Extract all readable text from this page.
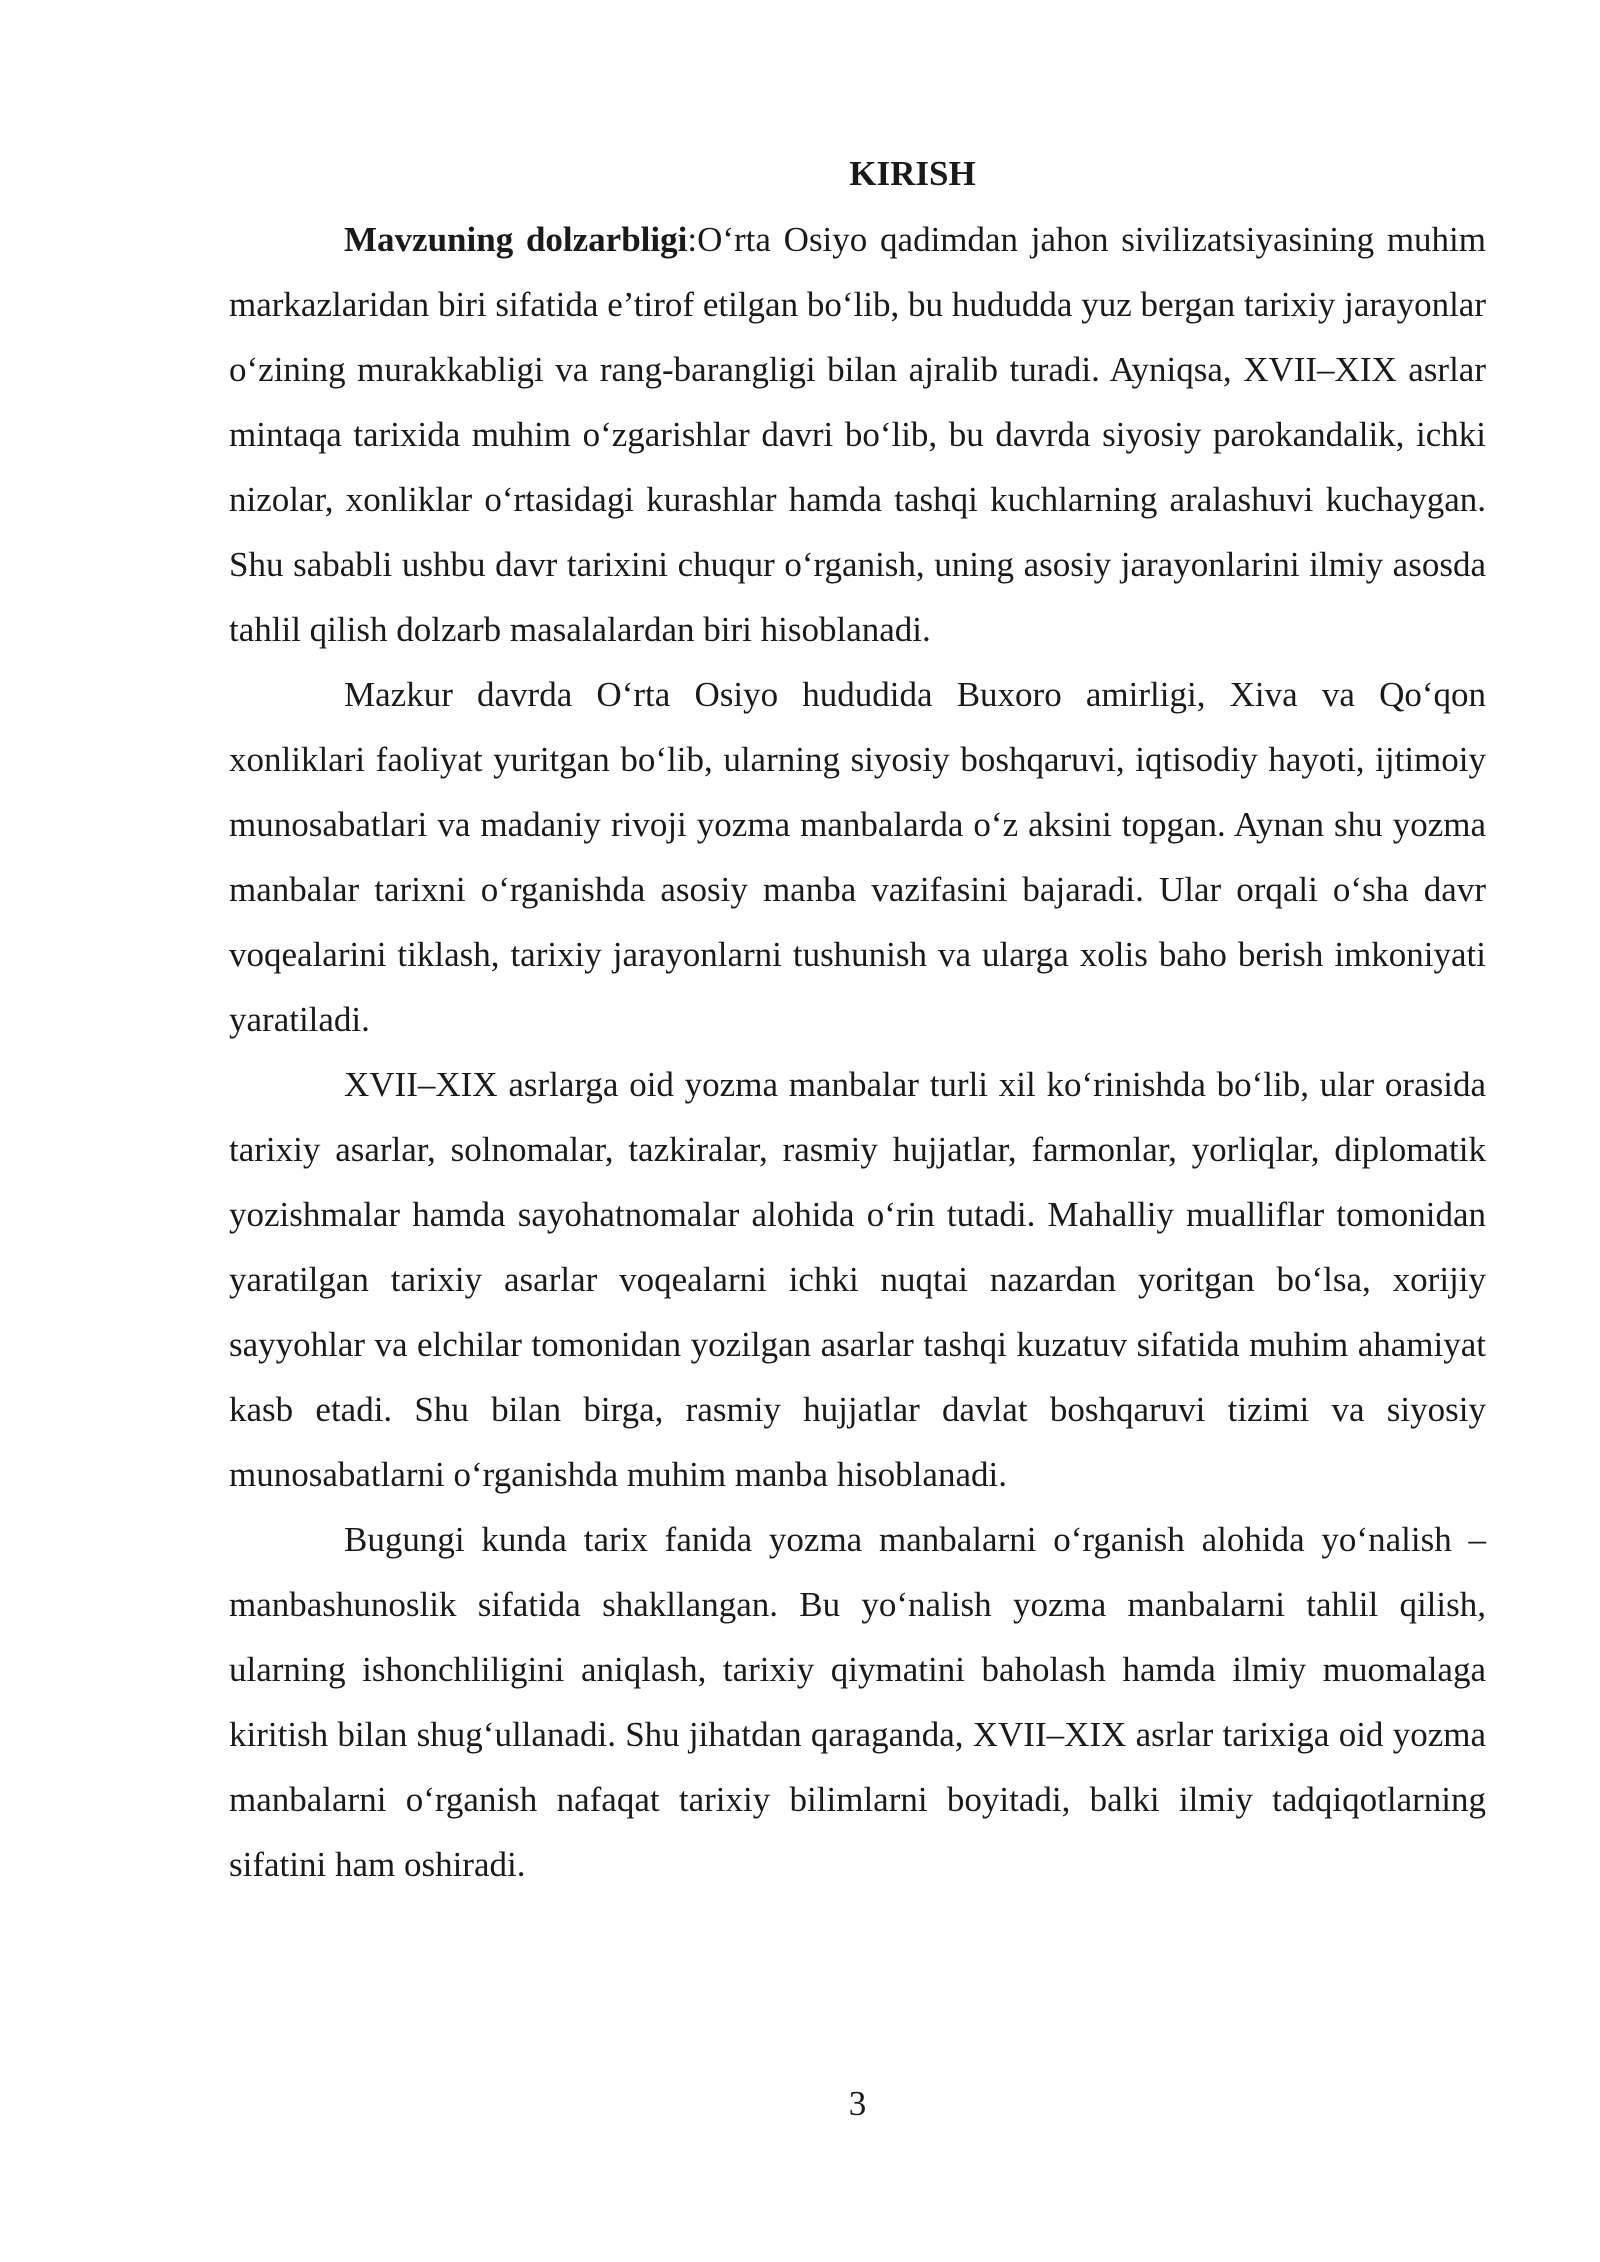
KIRISH

Mavzuning dolzarbligi:O‘rta Osiyo qadimdan jahon sivilizatsiyasining muhim markazlaridan biri sifatida e’tirof etilgan bo‘lib, bu hududda yuz bergan tarixiy jarayonlar o‘zining murakkabligi va rang-barangligi bilan ajralib turadi. Ayniqsa, XVII–XIX asrlar mintaqa tarixida muhim o‘zgarishlar davri bo‘lib, bu davrda siyosiy parokandalik, ichki nizolar, xonliklar o‘rtasidagi kurashlar hamda tashqi kuchlarning aralashuvi kuchaygan. Shu sababli ushbu davr tarixini chuqur o‘rganish, uning asosiy jarayonlarini ilmiy asosda tahlil qilish dolzarb masalalardan biri hisoblanadi.

Mazkur davrda O‘rta Osiyo hududida Buxoro amirligi, Xiva va Qo‘qon xonliklari faoliyat yuritgan bo‘lib, ularning siyosiy boshqaruvi, iqtisodiy hayoti, ijtimoiy munosabatlari va madaniy rivoji yozma manbalarda o‘z aksini topgan. Aynan shu yozma manbalar tarixni o‘rganishda asosiy manba vazifasini bajaradi. Ular orqali o‘sha davr voqealarini tiklash, tarixiy jarayonlarni tushunish va ularga xolis baho berish imkoniyati yaratiladi.

XVII–XIX asrlarga oid yozma manbalar turli xil ko‘rinishda bo‘lib, ular orasida tarixiy asarlar, solnomalar, tazkiralar, rasmiy hujjatlar, farmonlar, yorliqlar, diplomatik yozishmalar hamda sayohatnomalar alohida o‘rin tutadi. Mahalliy mualliflar tomonidan yaratilgan tarixiy asarlar voqealarni ichki nuqtai nazardan yoritgan bo‘lsa, xorijiy sayyohlar va elchilar tomonidan yozilgan asarlar tashqi kuzatuv sifatida muhim ahamiyat kasb etadi. Shu bilan birga, rasmiy hujjatlar davlat boshqaruvi tizimi va siyosiy munosabatlarni o‘rganishda muhim manba hisoblanadi.

Bugungi kunda tarix fanida yozma manbalarni o‘rganish alohida yo‘nalish – manbashunoslik sifatida shakllangan. Bu yo‘nalish yozma manbalarni tahlil qilish, ularning ishonchliligini aniqlash, tarixiy qiymatini baholash hamda ilmiy muomalaga kiritish bilan shug‘ullanadi. Shu jihatdan qaraganda, XVII–XIX asrlar tarixiga oid yozma manbalarni o‘rganish nafaqat tarixiy bilimlarni boyitadi, balki ilmiy tadqiqotlarning sifatini ham oshiradi.

3
